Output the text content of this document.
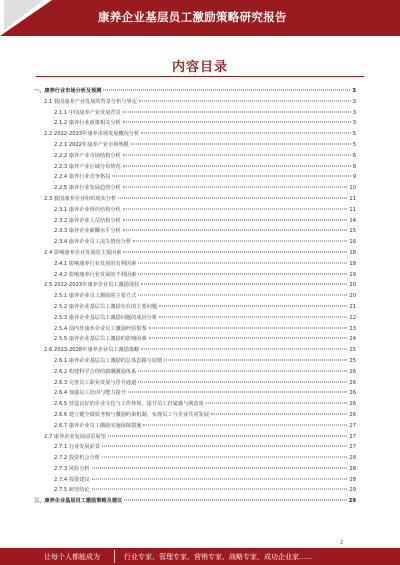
康养企业基层员工激励策略研究报告
内容目录
一、康养行业市场分析及预测	3
2.1 我国康养产业发展的背景分析与界定	3
2.1.1 中国康养产业发展背景	3
2.1.2 康养行业政策相关分析	3
2.2 2022-2023年康养市场发展概况分析	5
2.2.1 2022年康养产业市场规模	5
2.2.2 康养产业市场结构分析	6
2.2.3 康养产业区域分布情况	8
2.2.4 康养行业竞争格局	9
2.2.5 康养行业发展趋势分析	10
2.3 我国康养企业组织现状分析	11
2.3.1 康养企业组织结构分析	11
2.3.2 康养企业人员结构分析	14
2.3.3 康养企业薪酬水平分析	15
2.3.4 康养企业员工流失情况分析	16
2.4 影响康养企业发展的主要因素	18
2.4.1 影响康养行业发展的有利因素	18
2.4.2 影响康养行业发展的不利因素	19
2.5 2022-2023年康养企业员工激励现状	20
2.5.1 康养企业员工激励的主要方式	20
2.5.2 康养企业基层员工激励存在的主要问题	21
2.5.3 康养企业基层员工激励问题的成因分析	22
2.5.4 国内外康养企业员工激励经验借鉴	23
2.5.5 康养企业基层员工激励的影响因素	24
2.6 2023-2028年康养企业员工激励策略	25
2.6.1 康养企业基层员工激励的总体思路与原则	25
2.6.2 构建科学合理的薪酬激励体系	26
2.6.3 完善员工职业发展与晋升通道	26
2.6.4 加强员工培训与能力提升	26
2.6.5 营造良好的企业文化与工作环境，提升员工归属感与满意度	26
2.6.6 建立健全绩效考核与激励约束机制，实现员工与企业共同发展	26
2.6.7 康养企业员工激励实施保障措施	27
2.7 康养企业发展前景展望	27
2.7.1 行业发展前景	27
2.7.2 投资机会分析	28
2.7.3 风险分析	28
2.7.4 投资建议	28
2.7.5 研究结论	29
三、康养企业基层员工激励策略及建议	29
2
让每个人都能成为	行业专家、管理专家、营销专家、战略专家、成功企业家……
